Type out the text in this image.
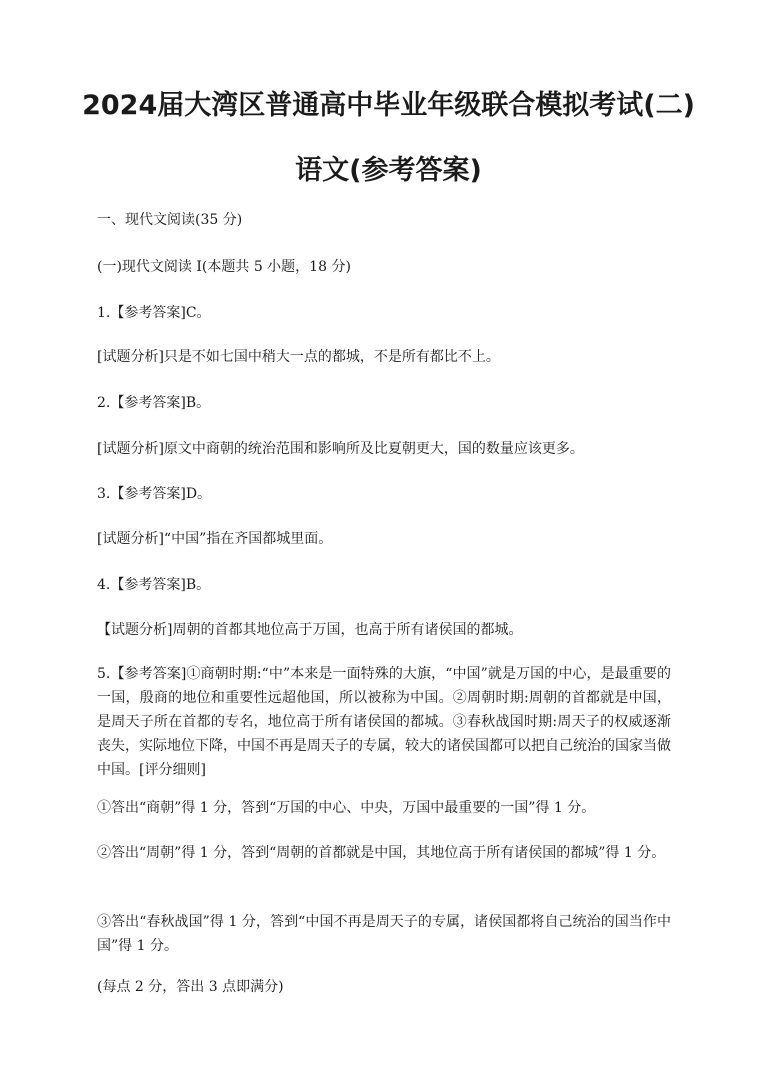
2024届大湾区普通高中毕业年级联合模拟考试(二)
语文(参考答案)
一、现代文阅读(35 分)
(一)现代文阅读 I(本题共 5 小题，18 分)
1.【参考答案]C。
[试题分析]只是不如七国中稍大一点的都城，不是所有都比不上。
2.【参考答案]B。
[试题分析]原文中商朝的统治范围和影响所及比夏朝更大，国的数量应该更多。
3.【参考答案]D。
[试题分析]“中国”指在齐国都城里面。
4.【参考答案]B。
【试题分析]周朝的首都其地位高于万国，也高于所有诸侯国的都城。
5.【参考答案]①商朝时期:“中”本来是一面特殊的大旗，“中国”就是万国的中心，是最重要的一国，殷商的地位和重要性远超他国，所以被称为中国。②周朝时期:周朝的首都就是中国，是周天子所在首都的专名，地位高于所有诸侯国的都城。③春秋战国时期:周天子的权威逐渐丧失，实际地位下降，中国不再是周天子的专属，较大的诸侯国都可以把自己统治的国家当做中国。[评分细则]
①答出“商朝”得 1 分，答到“万国的中心、中央，万国中最重要的一国”得 1 分。
②答出“周朝”得 1 分，答到“周朝的首都就是中国，其地位高于所有诸侯国的都城”得 1 分。
③答出“春秋战国”得 1 分，答到“中国不再是周天子的专属，诸侯国都将自己统治的国当作中国”得 1 分。
(每点 2 分，答出 3 点即满分)
